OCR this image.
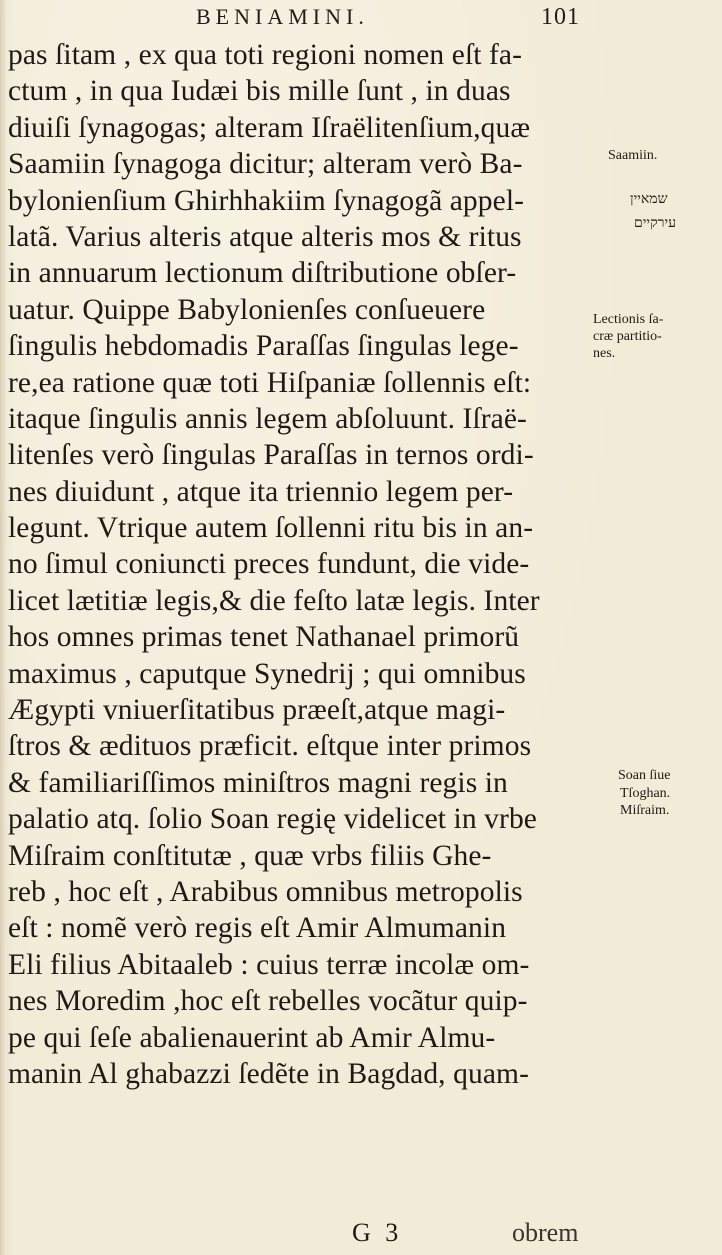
BENIAMINI.	101
pas ſitam , ex qua toti regioni nomen eſt fa-
ctum , in qua Iudæi bis mille ſunt , in duas
diuiſi ſynagogas; alteram Iſraëlitenſium,quæ
Saamiin ſynagoga dicitur; alteram verò Ba-
bylonienſium Ghirhhakiim ſynagogã appel-
latã. Varius alteris atque alteris mos & ritus
in annuarum lectionum diſtributione obſer-
uatur. Quippe Babylonienſes conſueuere
ſingulis hebdomadis Paraſſas ſingulas lege-
re,ea ratione quæ toti Hiſpaniæ ſollennis eſt:
itaque ſingulis annis legem abſoluunt. Iſraë-
litenſes verò ſingulas Paraſſas in ternos ordi-
nes diuidunt , atque ita triennio legem per-
legunt. Vtrique autem ſollenni ritu bis in an-
no ſimul coniuncti preces fundunt, die vide-
licet lætitiæ legis,& die feſto latæ legis. Inter
hos omnes primas tenet Nathanael primorũ
maximus , caputque Synedrij ; qui omnibus
Ægypti vniuerſitatibus præeſt,atque magi-
ſtros & ædituos præficit. eſtque inter primos
& familiariſſimos miniſtros magni regis in
palatio atq. ſolio Soan regię videlicet in vrbe
Miſraim conſtitutæ , quæ vrbs filiis Ghe-
reb , hoc eſt , Arabibus omnibus metropolis
eſt : nomẽ verò regis eſt Amir Almumanin
Eli filius Abitaaleb : cuius terræ incolæ om-
nes Moredim ,hoc eſt rebelles vocãtur quip-
pe qui ſeſe abalienauerint ab Amir Almu-
manin Al ghabazzi ſedẽte in Bagdad, quam-
Saamiin.
שמאיין
עירקיים
Lectionis ſa-
cræ partitio-
nes.
Soan ſiue
Tſoghan.
Miſraim.
G 3	obrem
